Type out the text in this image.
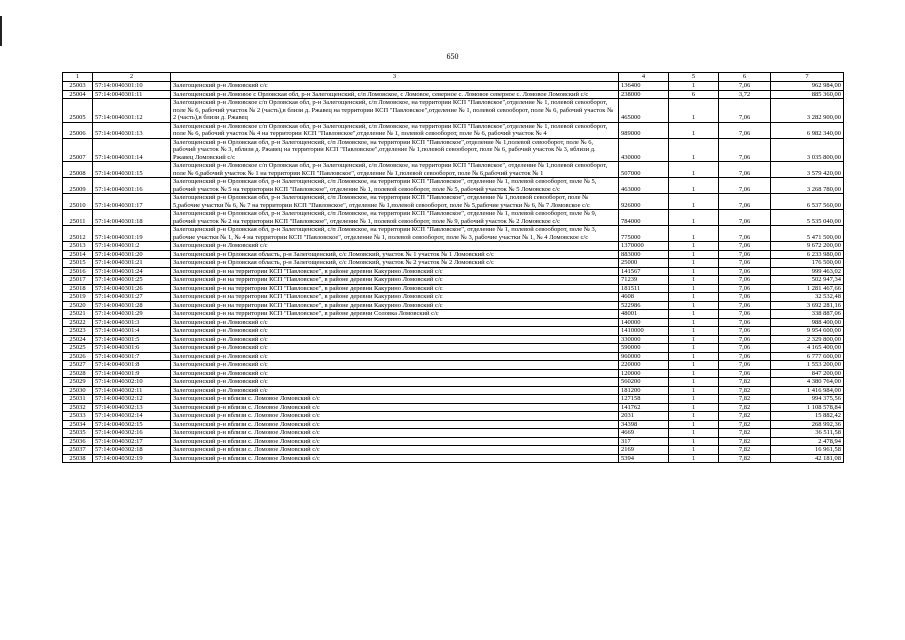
650
1	2	3	4	5	6	7
25003	57:14:0040301:10	Залегощенский р-н Ломовский с/с	136400	1	7,06	962 984,00
25004	57:14:0040301:11	Залегощенский р-н Ломовое с Орловская обл, р-н Залегощенский, с/п Ломовское, с Ломовое, северное с. Ломовое северное с. Ломовое Ломовский с/с	238000	6	3,72	885 360,00
25005	57:14:0040301:12	Залегощенский р-н Ломовское с/п Орловская обл, р-н Залегощенский, с/п Ломовское, на территории КСП "Павловское",отделение № 1, полевой севооборот, поле № 6, рабочий участок № 2 (часть),в близи д. Ржавец на территории КСП "Павловское",отделение № 1, полевой севооборот, поле № 6, рабочий участок № 2 (часть),в близи д. Ржавец	465000	1	7,06	3 282 900,00
25006	57:14:0040301:13	Залегощенский р-н Ломовское с/п Орловская обл, р-н Залегощенский, с/п Ломовское, на территории КСП "Павловское",отделение № 1, полевой севооборот, поле № 6, рабочий участок № 4 на территории КСП "Павловское",отделение № 1, полевой севооборот, поле № 6, рабочий участок № 4	989000	1	7,06	6 982 340,00
25007	57:14:0040301:14	Залегощенский р-н Орловская обл, р-н Залегощенский, с/п Ломовское, на территории КСП "Павловское",отделение № 1,полевой севооборот, поле № 6, рабочий участок № 3, вблизи д. Ржавец на территории КСП "Павловское",отделение № 1,полевой севооборот, поле № 6, рабочий участок № 3, вблизи д. Ржавец Ломовский с/с	430000	1	7,06	3 035 800,00
25008	57:14:0040301:15	Залегощенский р-н Ломовское с/п Орловская обл, р-н Залегощенский, с/п Ломовское, на территории КСП "Павловское", отделение № 1,полевой севооборот, поле № 6,рабочий участок № 1 на территории КСП "Павловское", отделение № 1,полевой севооборот, поле № 6,рабочий участок № 1	507000	1	7,06	3 579 420,00
25009	57:14:0040301:16	Залегощенский р-н Орловская обл, р-н Залегощенский, с/п Ломовское, на территории КСП "Павловское", отделение № 1, полевой севооборот, поле № 5, рабочий участок № 5 на территории КСП "Павловское", отделение № 1, полевой севооборот, поле № 5, рабочий участок № 5 Ломовское с/с	463000	1	7,06	3 268 780,00
25010	57:14:0040301:17	Залегощенский р-н Орловская обл, р-н Залегощенский, с/п Ломовское, на территории КСП "Павловское", отделение № 1,полевой севооборот, поле № 5,рабочие участки № 6, № 7 на территории КСП "Павловское", отделение № 1,полевой севооборот, поле № 5,рабочие участки № 6, № 7 Ломовское с/с	926000	1	7,06	6 537 560,00
25011	57:14:0040301:18	Залегощенский р-н Орловская обл, р-н Залегощенский, с/п Ломовское, на территории КСП "Павловское", отделение № 1, полевой севооборот, поле № 9, рабочий участок № 2 на территории КСП "Павловское", отделение № 1, полевой севооборот, поле № 9, рабочий участок № 2 Ломовское с/с	784000	1	7,06	5 535 040,00
25012	57:14:0040301:19	Залегощенский р-н Орловская обл, р-н Залегощенский, с/п Ломовское, на территории КСП "Павловское", отделение № 1, полевой севооборот, поле № 3, рабочие участки № 1, № 4 на территории КСП "Павловское", отделение № 1, полевой севооборот, поле № 3, рабочие участки № 1, № 4 Ломовское с/с	775000	1	7,06	5 471 500,00
25013	57:14:0040301:2	Залегощенский р-н Ломовский с/с	1370000	1	7,06	9 672 200,00
25014	57:14:0040301:20	Залегощенский р-н Орловская область, р-н Залегощенский, с/с Ломовский, участок № 1 участок № 1 Ломовский с/с	883000	1	7,06	6 233 980,00
25015	57:14:0040301:21	Залегощенский р-н Орловская область, р-н Залегощенский, с/с Ломовский, участок № 2 участок № 2 Ломовский с/с	25000	1	7,06	176 500,00
25016	57:14:0040301:24	Залегощенский р-н на территории КСП "Павловское", в районе деревни Какурино Ломовский с/с	141567	1	7,06	999 463,02
25017	57:14:0040301:25	Залегощенский р-н на территории КСП "Павловское", в районе деревни Какурино Ломовский с/с	71239	1	7,06	502 947,34
25018	57:14:0040301:26	Залегощенский р-н на территории КСП "Павловское", в районе деревни Какурино Ломовский с/с	181511	1	7,06	1 281 467,66
25019	57:14:0040301:27	Залегощенский р-н на территории КСП "Павловское", в районе деревни Какурино Ломовский с/с	4608	1	7,06	32 532,48
25020	57:14:0040301:28	Залегощенский р-н на территории КСП "Павловское", в районе деревни Какурино Ломовский с/с	522986	1	7,06	3 692 281,16
25021	57:14:0040301:29	Залегощенский р-н на территории КСП "Павловское", в районе деревни Соловка Ломовский с/с	48001	1	7,06	338 887,06
25022	57:14:0040301:3	Залегощенский р-н Ломовский с/с	140000	1	7,06	988 400,00
25023	57:14:0040301:4	Залегощенский р-н Ломовский с/с	1410000	1	7,06	9 954 600,00
25024	57:14:0040301:5	Залегощенский р-н Ломовский с/с	330000	1	7,06	2 329 800,00
25025	57:14:0040301:6	Залегощенский р-н Ломовский с/с	590000	1	7,06	4 165 400,00
25026	57:14:0040301:7	Залегощенский р-н Ломовский с/с	960000	1	7,06	6 777 600,00
25027	57:14:0040301:8	Залегощенский р-н Ломовский с/с	220000	1	7,06	1 553 200,00
25028	57:14:0040301:9	Залегощенский р-н Ломовский с/с	120000	1	7,06	847 200,00
25029	57:14:0040302:10	Залегощенский р-н Ломовский с/с	560200	1	7,82	4 380 764,00
25030	57:14:0040302:11	Залегощенский р-н Ломовский с/с	181200	1	7,82	1 416 984,00
25031	57:14:0040302:12	Залегощенский р-н вблизи с. Ломовое Ломовский с/с	127158	1	7,82	994 375,56
25032	57:14:0040302:13	Залегощенский р-н вблизи с. Ломовое Ломовский с/с	141762	1	7,82	1 108 578,84
25033	57:14:0040302:14	Залегощенский р-н вблизи с. Ломовое Ломовский с/с	2031	1	7,82	15 882,42
25034	57:14:0040302:15	Залегощенский р-н вблизи с. Ломовое Ломовский с/с	34398	1	7,82	268 992,36
25035	57:14:0040302:16	Залегощенский р-н вблизи с. Ломовое Ломовский с/с	4669	1	7,82	36 511,58
25036	57:14:0040302:17	Залегощенский р-н вблизи с. Ломовое Ломовский с/с	317	1	7,82	2 478,94
25037	57:14:0040302:18	Залегощенский р-н вблизи с. Ломовое Ломовский с/с	2169	1	7,82	16 961,58
25038	57:14:0040302:19	Залегощенский р-н вблизи с. Ломовое Ломовский с/с	5394	1	7,82	42 181,08
